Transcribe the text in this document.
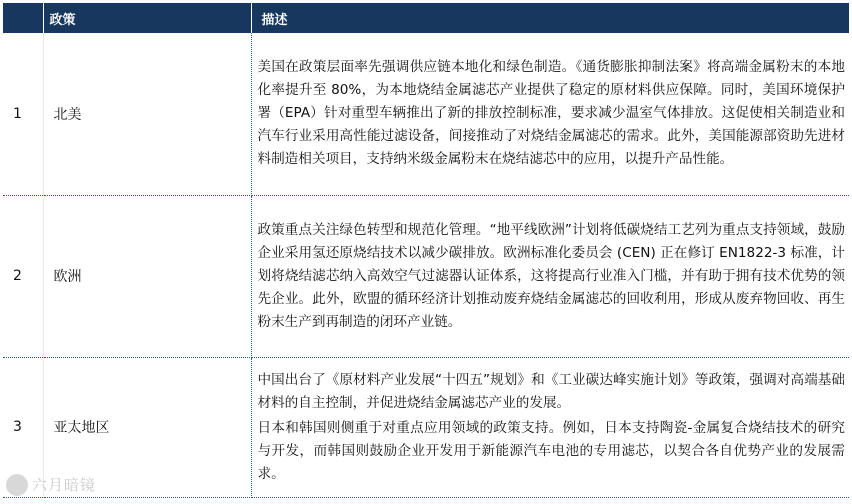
	政策	描述
1	北美	美国在政策层面率先强调供应链本地化和绿色制造。《通货膨胀抑制法案》将高端金属粉末的本地化率提升至 80%，为本地烧结金属滤芯产业提供了稳定的原材料供应保障。同时，美国环境保护署（EPA）针对重型车辆推出了新的排放控制标准，要求减少温室气体排放。这促使相关制造业和汽车行业采用高性能过滤设备，间接推动了对烧结金属滤芯的需求。此外，美国能源部资助先进材料制造相关项目，支持纳米级金属粉末在烧结滤芯中的应用，以提升产品性能。

2	欧洲	政策重点关注绿色转型和规范化管理。“地平线欧洲”计划将低碳烧结工艺列为重点支持领域，鼓励企业采用氢还原烧结技术以减少碳排放。欧洲标准化委员会 (CEN) 正在修订 EN1822-3 标准，计划将烧结滤芯纳入高效空气过滤器认证体系，这将提高行业准入门槛，并有助于拥有技术优势的领先企业。此外，欧盟的循环经济计划推动废弃烧结金属滤芯的回收利用，形成从废弃物回收、再生粉末生产到再制造的闭环产业链。

3	亚太地区	中国出台了《原材料产业发展“十四五”规划》和《工业碳达峰实施计划》等政策，强调对高端基础材料的自主控制，并促进烧结金属滤芯产业的发展。

日本和韩国则侧重于对重点应用领域的政策支持。例如，日本支持陶瓷-金属复合烧结技术的研究与开发，而韩国则鼓励企业开发用于新能源汽车电池的专用滤芯，以契合各自优势产业的发展需求。

六月暗镜
